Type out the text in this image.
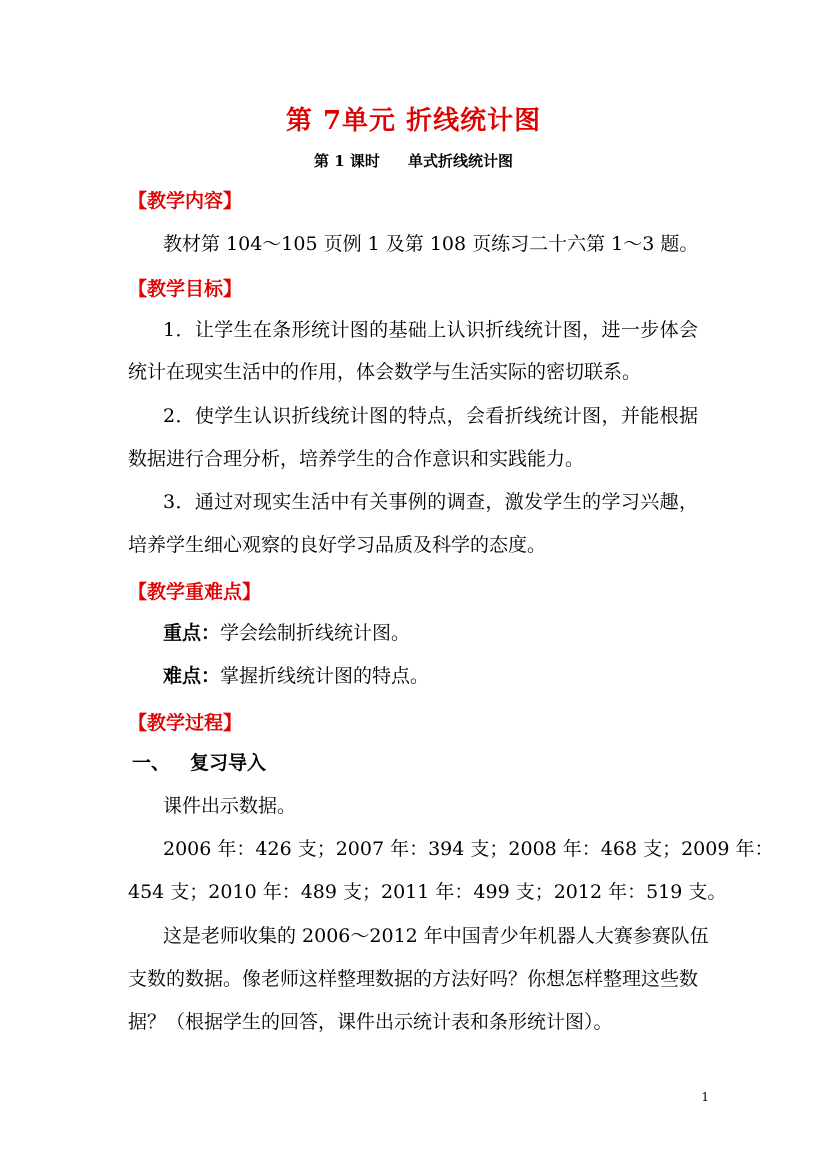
第 7单元 折线统计图
第 1 课时 单式折线统计图
【教学内容】
教材第 104～105 页例 1 及第 108 页练习二十六第 1～3 题。
【教学目标】
1．让学生在条形统计图的基础上认识折线统计图，进一步体会
统计在现实生活中的作用，体会数学与生活实际的密切联系。
2．使学生认识折线统计图的特点，会看折线统计图，并能根据
数据进行合理分析，培养学生的合作意识和实践能力。
3．通过对现实生活中有关事例的调查，激发学生的学习兴趣，
培养学生细心观察的良好学习品质及科学的态度。
【教学重难点】
重点：学会绘制折线统计图。
难点：掌握折线统计图的特点。
【教学过程】
一、 复习导入
课件出示数据。
2006 年：426 支；2007 年：394 支；2008 年：468 支；2009 年：
454 支；2010 年：489 支；2011 年：499 支；2012 年：519 支。
这是老师收集的 2006～2012 年中国青少年机器人大赛参赛队伍
支数的数据。像老师这样整理数据的方法好吗？你想怎样整理这些数
据？（根据学生的回答，课件出示统计表和条形统计图）。
1
